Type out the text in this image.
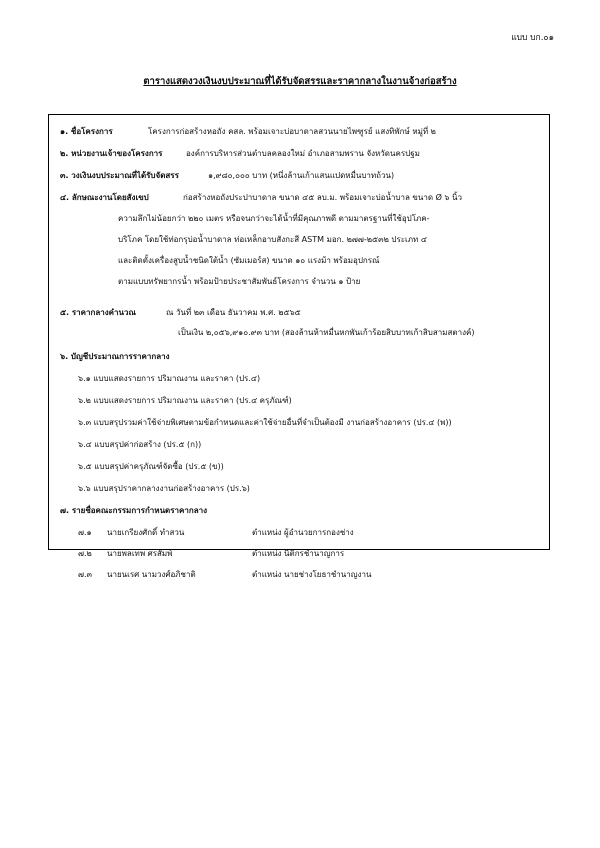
แบบ บก.๐๑
ตารางแสดงวงเงินงบประมาณที่ได้รับจัดสรรและราคากลางในงานจ้างก่อสร้าง
๑. ชื่อโครงการ	โครงการก่อสร้างหอถัง คสล. พร้อมเจาะบ่อบาดาลสวนนายไพฑูรย์ แสงทิพักษ์ หมู่ที่ ๒
๒. หน่วยงานเจ้าของโครงการ	องค์การบริหารส่วนตำบลคลองใหม่ อำเภอสามพราน จังหวัดนครปฐม
๓. วงเงินงบประมาณที่ได้รับจัดสรร	๑,๙๘๐,๐๐๐ บาท (หนึ่งล้านเก้าแสนแปดหมื่นบาทถ้วน)
๔. ลักษณะงานโดยสังเขป	ก่อสร้างหอถังประปาบาดาล ขนาด ๔๕ ลบ.ม. พร้อมเจาะบ่อน้ำบาล ขนาด Ø ๖ นิ้ว
ความลึกไม่น้อยกว่า ๒๒๐ เมตร หรือจนกว่าจะได้น้ำที่มีคุณภาพดี ตามมาตรฐานที่ใช้อุปโภค-
บริโภค โดยใช้ท่อกรุบ่อน้ำบาดาล ท่อเหล็กอาบสังกะสี ASTM มอก. ๒๗๗-๒๕๓๒ ประเภท ๔
และติดตั้งเครื่องสูบน้ำชนิดใต้น้ำ (ซัมเมอร์ส) ขนาด ๑๐ แรงม้า พร้อมอุปกรณ์
ตามแบบทรัพยากรน้ำ พร้อมป้ายประชาสัมพันธ์โครงการ จำนวน ๑ ป้าย
๕. ราคากลางคำนวณ	ณ วันที่ ๒๓ เดือน ธันวาคม พ.ศ. ๒๕๖๕
เป็นเงิน ๒,๐๕๖,๙๑๐.๙๓ บาท (สองล้านห้าหมื่นหกพันเก้าร้อยสิบบาทเก้าสิบสามสตางค์)
๖. บัญชีประมาณการราคากลาง
๖.๑ แบบแสดงรายการ ปริมาณงาน และราคา (ปร.๔)
๖.๒ แบบแสดงรายการ ปริมาณงาน และราคา (ปร.๔ ครุภัณฑ์)
๖.๓ แบบสรุปรวมค่าใช้จ่ายพิเศษตามข้อกำหนดและค่าใช้จ่ายอื่นที่จำเป็นต้องมี งานก่อสร้างอาคาร (ปร.๔ (พ))
๖.๔ แบบสรุปค่าก่อสร้าง (ปร.๕ (ก))
๖.๕ แบบสรุปค่าครุภัณฑ์จัดซื้อ (ปร.๕ (ข))
๖.๖ แบบสรุปราคากลางงานก่อสร้างอาคาร (ปร.๖)
๗. รายชื่อคณะกรรมการกำหนดราคากลาง
๗.๑ นายเกรียงศักดิ์ ทำสวน	ตำแหน่ง ผู้อำนวยการกองช่าง
๗.๒ นายพลเทพ ศรสัมพ์	ตำแหน่ง นิติกรชำนาญการ
๗.๓ นายนเรศ นามวงศ์อภิชาติ	ตำแหน่ง นายช่างโยธาชำนาญงาน
